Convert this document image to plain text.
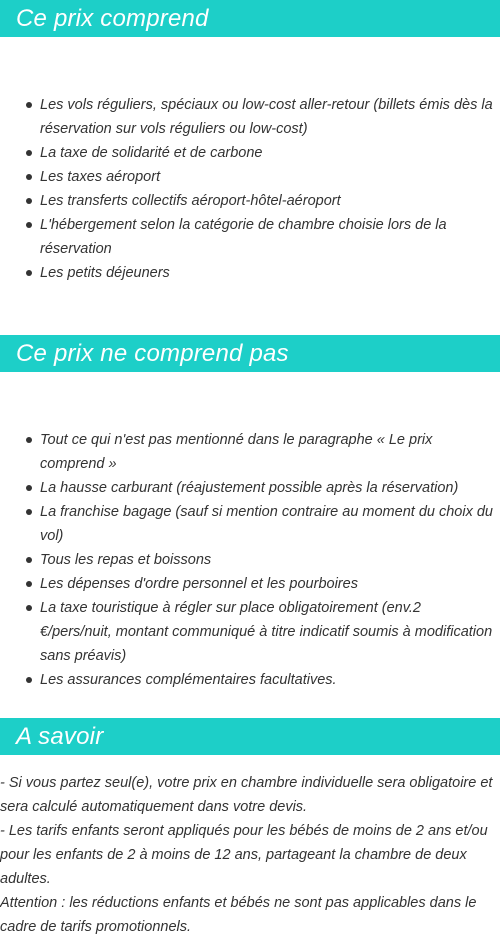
Ce prix comprend
Les vols réguliers, spéciaux ou low-cost aller-retour (billets émis dès la réservation sur vols réguliers ou low-cost)
La taxe de solidarité et de carbone
Les taxes aéroport
Les transferts collectifs aéroport-hôtel-aéroport
L'hébergement selon la catégorie de chambre choisie lors de la réservation
Les petits déjeuners
Ce prix ne comprend pas
Tout ce qui n'est pas mentionné dans le paragraphe « Le prix comprend »
La hausse carburant (réajustement possible après la réservation)
La franchise bagage (sauf si mention contraire au moment du choix du vol)
Tous les repas et boissons
Les dépenses d'ordre personnel et les pourboires
La taxe touristique à régler sur place obligatoirement (env.2 €/pers/nuit, montant communiqué à titre indicatif soumis à modification sans préavis)
Les assurances complémentaires facultatives.
A savoir

- Si vous partez seul(e), votre prix en chambre individuelle sera obligatoire et sera calculé automatiquement dans votre devis.

- Les tarifs enfants seront appliqués pour les bébés de moins de 2 ans et/ou pour les enfants de 2 à moins de 12 ans, partageant la chambre de deux adultes.

Attention : les réductions enfants et bébés ne sont pas applicables dans le cadre de tarifs promotionnels.
